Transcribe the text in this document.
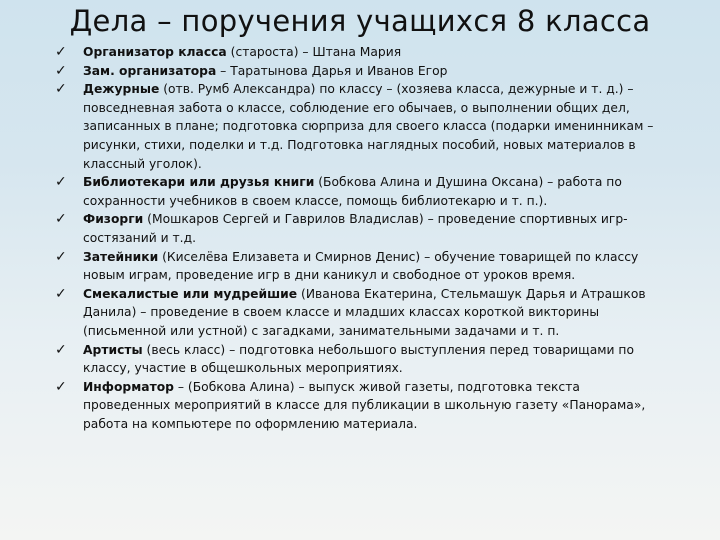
Дела – поручения учащихся 8 класса
✓ Организатор класса (староста) – Штана Мария
✓ Зам. организатора – Таратынова Дарья и Иванов Егор
✓ Дежурные (отв. Румб Александра) по классу – (хозяева класса, дежурные и т. д.) – повседневная забота о классе, соблюдение его обычаев, о выполнении общих дел, записанных в плане; подготовка сюрприза для своего класса (подарки именинникам – рисунки, стихи, поделки и т.д. Подготовка наглядных пособий, новых материалов в классный уголок).
✓ Библиотекари или друзья книги (Бобкова Алина и Душина Оксана) – работа по сохранности учебников в своем классе, помощь библиотекарю и т. п.).
✓ Физорги (Мошкаров Сергей и Гаврилов Владислав) – проведение спортивных игр-состязаний и т.д.
✓ Затейники (Киселёва Елизавета и Смирнов Денис) – обучение товарищей по классу новым играм, проведение игр в дни каникул и свободное от уроков время.
✓ Смекалистые или мудрейшие (Иванова Екатерина, Стельмашук Дарья и Атрашков Данила) – проведение в своем классе и младших классах короткой викторины (письменной или устной) с загадками, занимательными задачами и т. п.
✓ Артисты (весь класс) – подготовка небольшого выступления перед товарищами по классу, участие в общешкольных мероприятиях.
✓ Информатор – (Бобкова Алина) – выпуск живой газеты, подготовка текста проведенных мероприятий в классе для публикации в школьную газету «Панорама», работа на компьютере по оформлению материала.
